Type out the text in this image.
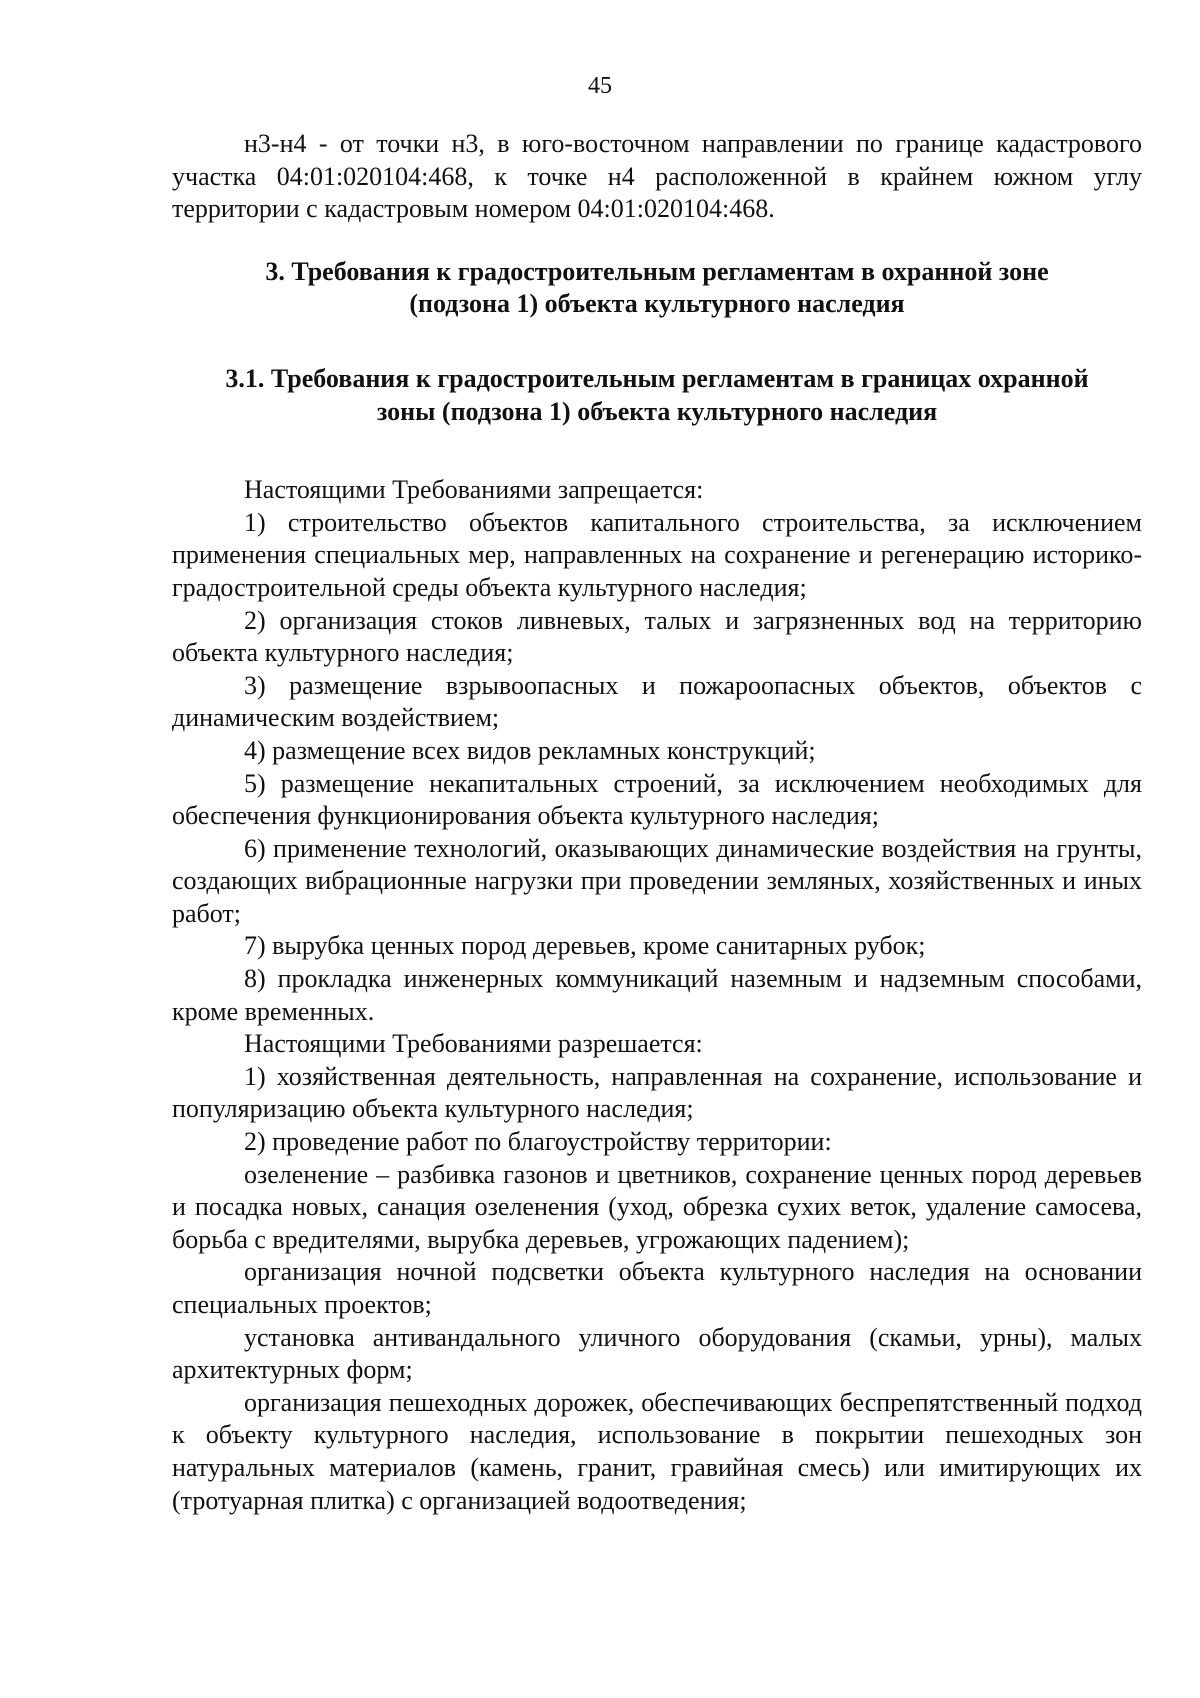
45

н3-н4 - от точки н3, в юго-восточном направлении по границе кадастрового участка 04:01:020104:468, к точке н4 расположенной в крайнем южном углу территории с кадастровым номером 04:01:020104:468.

3. Требования к градостроительным регламентам в охранной зоне
(подзона 1) объекта культурного наследия
3.1. Требования к градостроительным регламентам в границах охранной
зоны (подзона 1) объекта культурного наследия

Настоящими Требованиями запрещается:

1) строительство объектов капитального строительства, за исключением применения специальных мер, направленных на сохранение и регенерацию историко-градостроительной среды объекта культурного наследия;

2) организация стоков ливневых, талых и загрязненных вод на территорию объекта культурного наследия;

3) размещение взрывоопасных и пожароопасных объектов, объектов с динамическим воздействием;

4) размещение всех видов рекламных конструкций;

5) размещение некапитальных строений, за исключением необходимых для обеспечения функционирования объекта культурного наследия;

6) применение технологий, оказывающих динамические воздействия на грунты, создающих вибрационные нагрузки при проведении земляных, хозяйственных и иных работ;

7) вырубка ценных пород деревьев, кроме санитарных рубок;

8) прокладка инженерных коммуникаций наземным и надземным способами, кроме временных.

Настоящими Требованиями разрешается:

1) хозяйственная деятельность, направленная на сохранение, использование и популяризацию объекта культурного наследия;

2) проведение работ по благоустройству территории:

озеленение – разбивка газонов и цветников, сохранение ценных пород деревьев и посадка новых, санация озеленения (уход, обрезка сухих веток, удаление самосева, борьба с вредителями, вырубка деревьев, угрожающих падением);

организация ночной подсветки объекта культурного наследия на основании специальных проектов;

установка антивандального уличного оборудования (скамьи, урны), малых архитектурных форм;

организация пешеходных дорожек, обеспечивающих беспрепятственный подход к объекту культурного наследия, использование в покрытии пешеходных зон натуральных материалов (камень, гранит, гравийная смесь) или имитирующих их (тротуарная плитка) с организацией водоотведения;
